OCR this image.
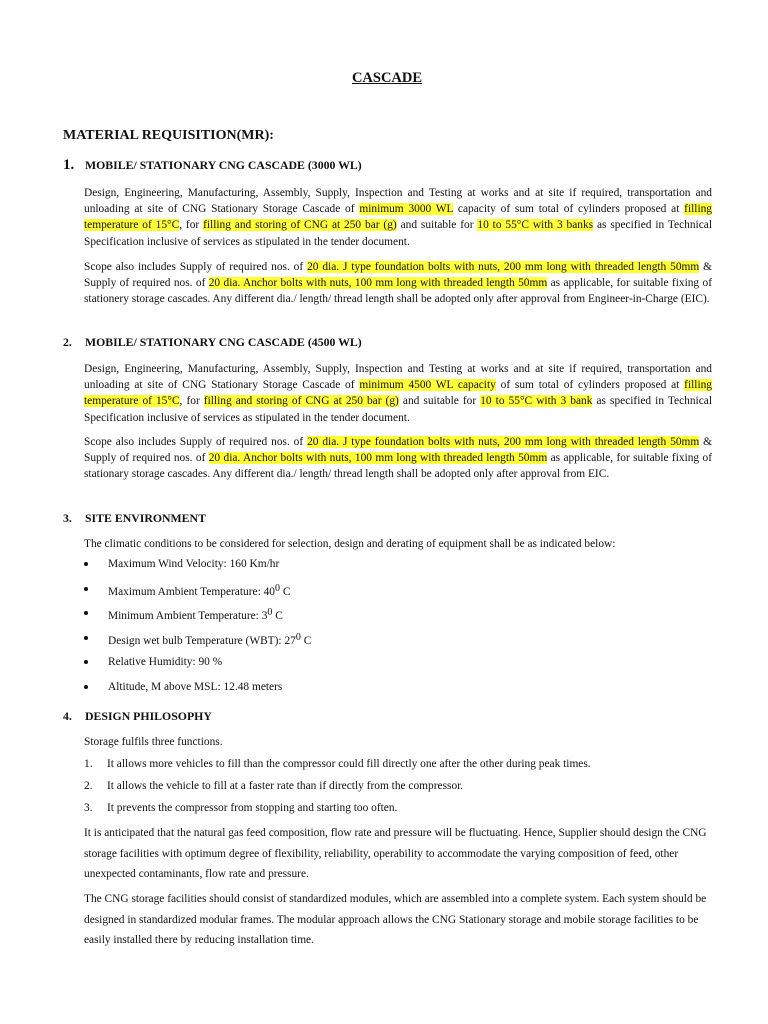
CASCADE
MATERIAL REQUISITION(MR):
1. MOBILE/ STATIONARY CNG CASCADE (3000 WL)

Design, Engineering, Manufacturing, Assembly, Supply, Inspection and Testing at works and at site if required, transportation and unloading at site of CNG Stationary Storage Cascade of minimum 3000 WL capacity of sum total of cylinders proposed at filling temperature of 15°C, for filling and storing of CNG at 250 bar (g) and suitable for 10 to 55°C with 3 banks as specified in Technical Specification inclusive of services as stipulated in the tender document.

Scope also includes Supply of required nos. of 20 dia. J type foundation bolts with nuts, 200 mm long with threaded length 50mm & Supply of required nos. of 20 dia. Anchor bolts with nuts, 100 mm long with threaded length 50mm as applicable, for suitable fixing of stationery storage cascades. Any different dia./ length/ thread length shall be adopted only after approval from Engineer-in-Charge (EIC).

2.	MOBILE/ STATIONARY CNG CASCADE (4500 WL)

Design, Engineering, Manufacturing, Assembly, Supply, Inspection and Testing at works and at site if required, transportation and unloading at site of CNG Stationary Storage Cascade of minimum 4500 WL capacity of sum total of cylinders proposed at filling temperature of 15°C, for filling and storing of CNG at 250 bar (g) and suitable for 10 to 55°C with 3 bank as specified in Technical Specification inclusive of services as stipulated in the tender document.

Scope also includes Supply of required nos. of 20 dia. J type foundation bolts with nuts, 200 mm long with threaded length 50mm & Supply of required nos. of 20 dia. Anchor bolts with nuts, 100 mm long with threaded length 50mm as applicable, for suitable fixing of stationary storage cascades. Any different dia./ length/ thread length shall be adopted only after approval from EIC.

3.	SITE ENVIRONMENT

The climatic conditions to be considered for selection, design and derating of equipment shall be as indicated below:

Maximum Wind Velocity: 160 Km/hr
Maximum Ambient Temperature: $40^0$ C
Minimum Ambient Temperature: $3^0$ C
Design wet bulb Temperature (WBT): $27^0$ C
Relative Humidity: 90 %
Altitude, M above MSL: 12.48 meters
4.	DESIGN PHILOSOPHY

Storage fulfils three functions.

1.	It allows more vehicles to fill than the compressor could fill directly one after the other during peak times.
2.	It allows the vehicle to fill at a faster rate than if directly from the compressor.
3.	It prevents the compressor from stopping and starting too often.

It is anticipated that the natural gas feed composition, flow rate and pressure will be fluctuating. Hence, Supplier should design the CNG storage facilities with optimum degree of flexibility, reliability, operability to accommodate the varying composition of feed, other unexpected contaminants, flow rate and pressure.

The CNG storage facilities should consist of standardized modules, which are assembled into a complete system. Each system should be designed in standardized modular frames. The modular approach allows the CNG Stationary storage and mobile storage facilities to be easily installed there by reducing installation time.
